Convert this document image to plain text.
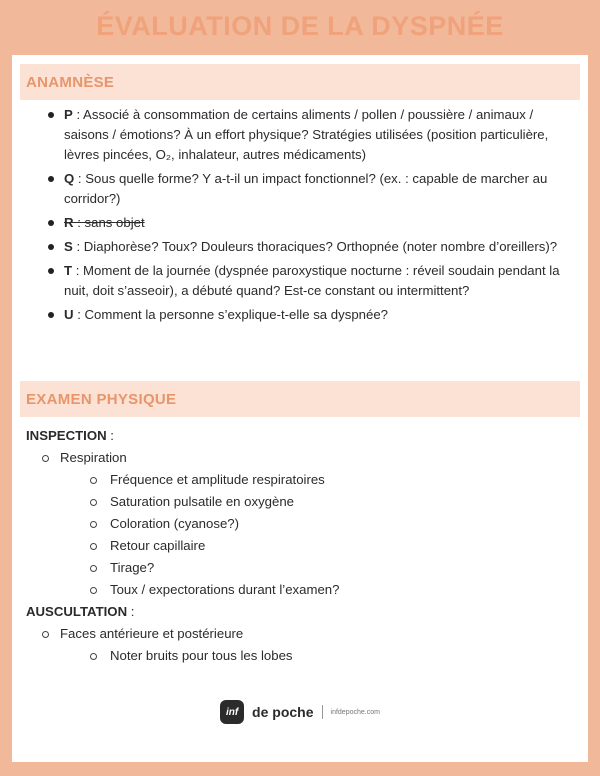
ÉVALUATION DE LA DYSPNÉE
ANAMNÈSE
P : Associé à consommation de certains aliments / pollen / poussière / animaux / saisons / émotions? À un effort physique? Stratégies utilisées (position particulière, lèvres pincées, O₂, inhalateur, autres médicaments)
Q : Sous quelle forme? Y a-t-il un impact fonctionnel? (ex. : capable de marcher au corridor?)
R : sans objet
S : Diaphorèse? Toux? Douleurs thoraciques? Orthopnée (noter nombre d’oreillers)?
T : Moment de la journée (dyspnée paroxystique nocturne : réveil soudain pendant la nuit, doit s’asseoir), a débuté quand? Est-ce constant ou intermittent?
U : Comment la personne s’explique-t-elle sa dyspnée?
EXAMEN PHYSIQUE
INSPECTION :
Respiration
Fréquence et amplitude respiratoires
Saturation pulsatile en oxygène
Coloration (cyanose?)
Retour capillaire
Tirage?
Toux / expectorations durant l’examen?
AUSCULTATION :
Faces antérieure et postérieure
Noter bruits pour tous les lobes
inf de poche infdepoche.com
